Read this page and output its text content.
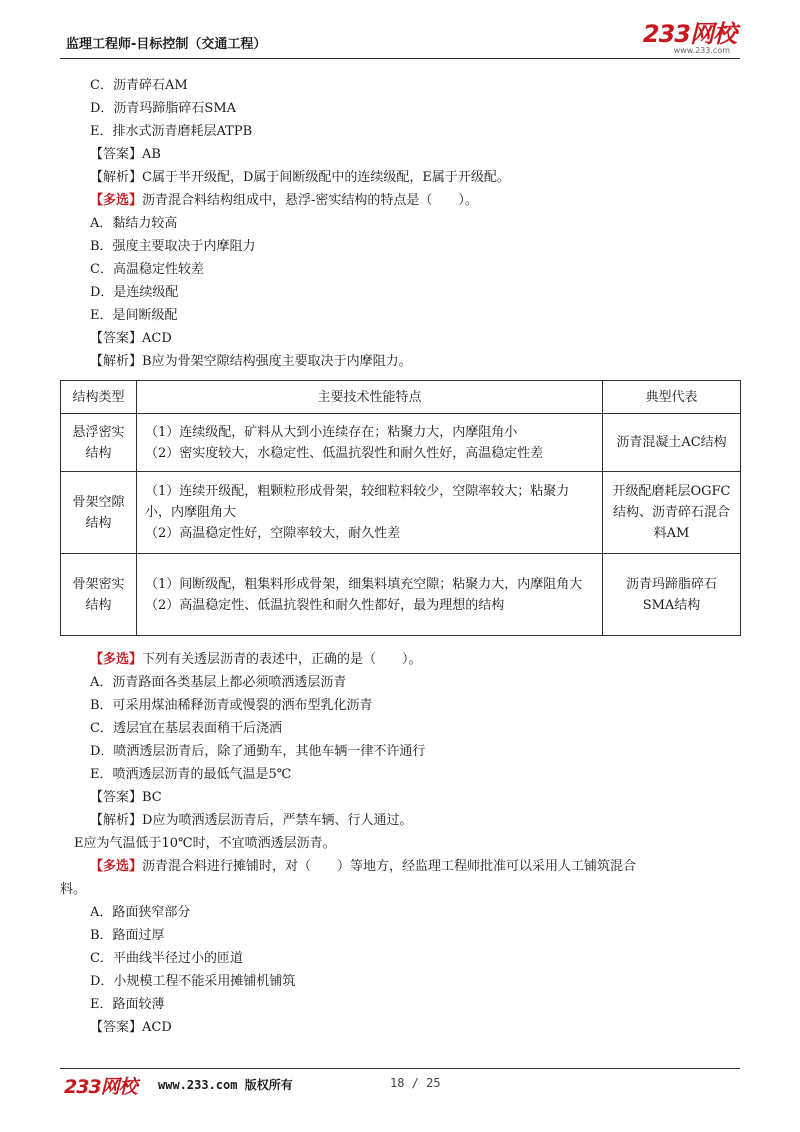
监理工程师-目标控制（交通工程）	233网校
www.233.com
C．沥青碎石AM
D．沥青玛蹄脂碎石SMA
E．排水式沥青磨耗层ATPB
【答案】AB
【解析】C属于半开级配，D属于间断级配中的连续级配，E属于开级配。
【多选】沥青混合料结构组成中，悬浮-密实结构的特点是（　　）。
A．黏结力较高
B．强度主要取决于内摩阻力
C．高温稳定性较差
D．是连续级配
E．是间断级配
【答案】ACD
【解析】B应为骨架空隙结构强度主要取决于内摩阻力。
结构类型	主要技术性能特点	典型代表
悬浮密实结构	（1）连续级配，矿料从大到小连续存在；粘聚力大，内摩阻角小
（2）密实度较大，水稳定性、低温抗裂性和耐久性好，高温稳定性差	沥青混凝土AC结构
骨架空隙结构	（1）连续开级配，粗颗粒形成骨架，较细粒料较少，空隙率较大；粘聚力小，内摩阻角大
（2）高温稳定性好，空隙率较大，耐久性差	开级配磨耗层OGFC结构、沥青碎石混合料AM
骨架密实结构	（1）间断级配，粗集料形成骨架，细集料填充空隙；粘聚力大，内摩阻角大
（2）高温稳定性、低温抗裂性和耐久性都好，最为理想的结构	沥青玛蹄脂碎石SMA结构
【多选】下列有关透层沥青的表述中，正确的是（　　）。
A．沥青路面各类基层上都必须喷洒透层沥青
B．可采用煤油稀释沥青或慢裂的洒布型乳化沥青
C．透层宜在基层表面稍干后浇洒
D．喷洒透层沥青后，除了通勤车，其他车辆一律不许通行
E．喷洒透层沥青的最低气温是5℃
【答案】BC
【解析】D应为喷洒透层沥青后，严禁车辆、行人通过。
E应为气温低于10℃时，不宜喷洒透层沥青。
【多选】沥青混合料进行摊铺时，对（　　）等地方，经监理工程师批准可以采用人工铺筑混合
料。
A．路面狭窄部分
B．路面过厚
C．平曲线半径过小的匝道
D．小规模工程不能采用摊铺机铺筑
E．路面较薄
【答案】ACD
233网校 www.233.com 版权所有	18 / 25
